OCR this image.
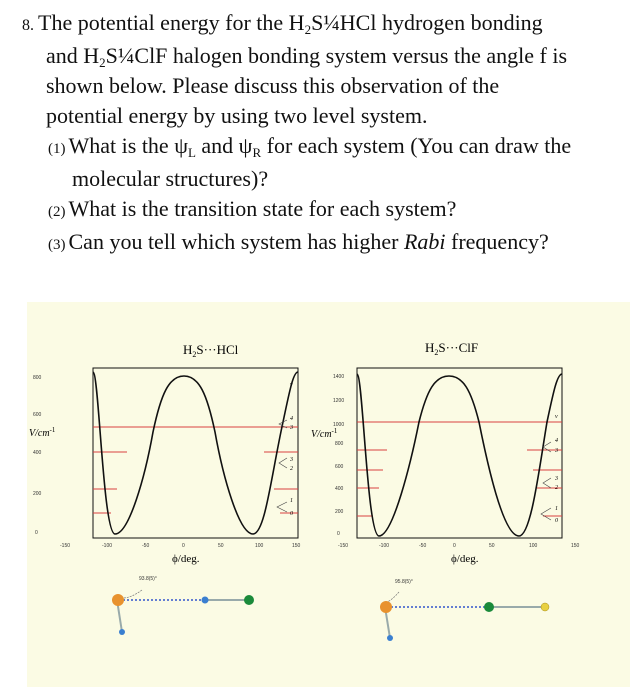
8. The potential energy for the $H_2S\frac{1}{4}HCl$ hydrogen bonding
and $H_2S\frac{1}{4}ClF$ halogen bonding system versus the angle f is
shown below. Please discuss this observation of the
potential energy by using two level system.
(1) What is the $\psi_L$ and $\psi_R$ for each system (You can draw the
molecular structures)?
(2) What is the transition state for each system?
(3) Can you tell which system has higher Rabi frequency?
$H_2S\cdot\cdot\cdot HCl$
$V/cm^{-1}$
800
600
400
200
0
v
4
3
3
2
1
0
-150	-100	-50	0	50	100	150
ϕ/deg.
93.8(5)°
$H_2S\cdot\cdot\cdot ClF$
$V/cm^{-1}$
1400
1200
1000
800
600
400
200
0
v
4
3
3
2
1
0
-150	-100	-50	0	50	100	150
ϕ/deg.
95.8(5)°
